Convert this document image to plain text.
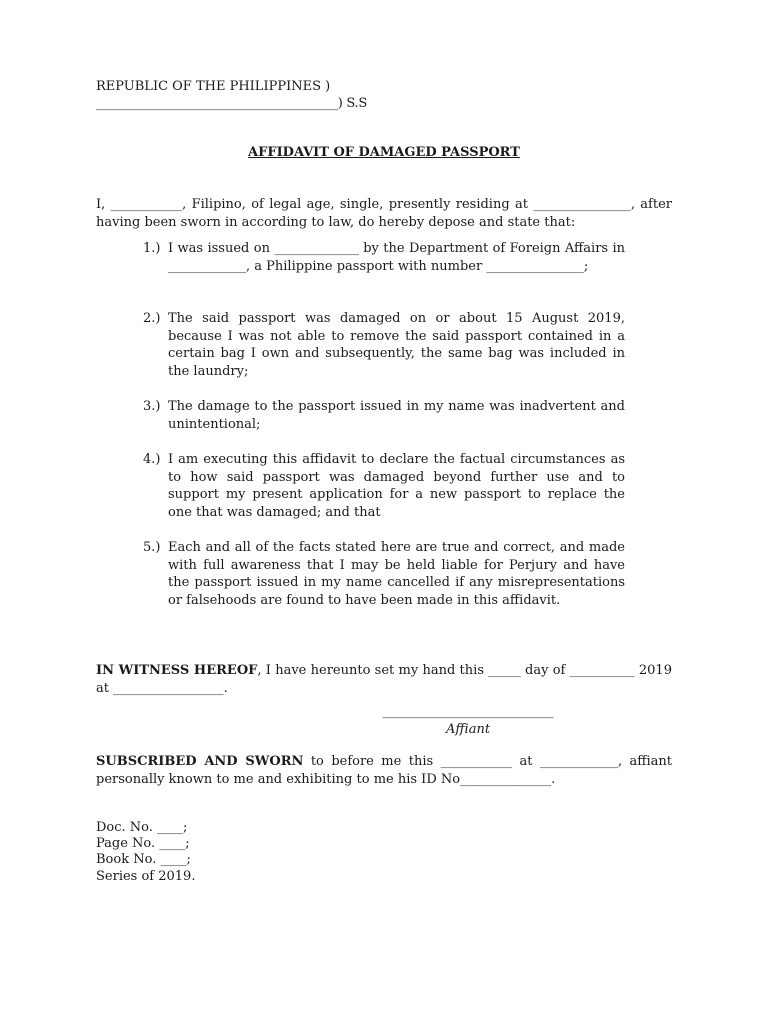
REPUBLIC OF THE PHILIPPINES )
_______________________________________) S.S
AFFIDAVIT OF DAMAGED PASSPORT
I, ___________, Filipino, of legal age, single, presently residing at _______________, after having been sworn in according to law, do hereby depose and state that:
1.) I was issued on _____________ by the Department of Foreign Affairs in ____________, a Philippine passport with number _______________;
2.) The said passport was damaged on or about 15 August 2019, because I was not able to remove the said passport contained in a certain bag I own and subsequently, the same bag was included in the laundry;
3.) The damage to the passport issued in my name was inadvertent and unintentional;
4.) I am executing this affidavit to declare the factual circumstances as to how said passport was damaged beyond further use and to support my present application for a new passport to replace the one that was damaged; and that
5.) Each and all of the facts stated here are true and correct, and made with full awareness that I may be held liable for Perjury and have the passport issued in my name cancelled if any misrepresentations or falsehoods are found to have been made in this affidavit.
IN WITNESS HEREOF, I have hereunto set my hand this _____ day of __________ 2019 at _________________.
____________________________
Affiant
SUBSCRIBED AND SWORN to before me this ___________ at ____________, affiant personally known to me and exhibiting to me his ID No______________.
Doc. No. ____;
Page No. ____;
Book No. ____;
Series of 2019.
